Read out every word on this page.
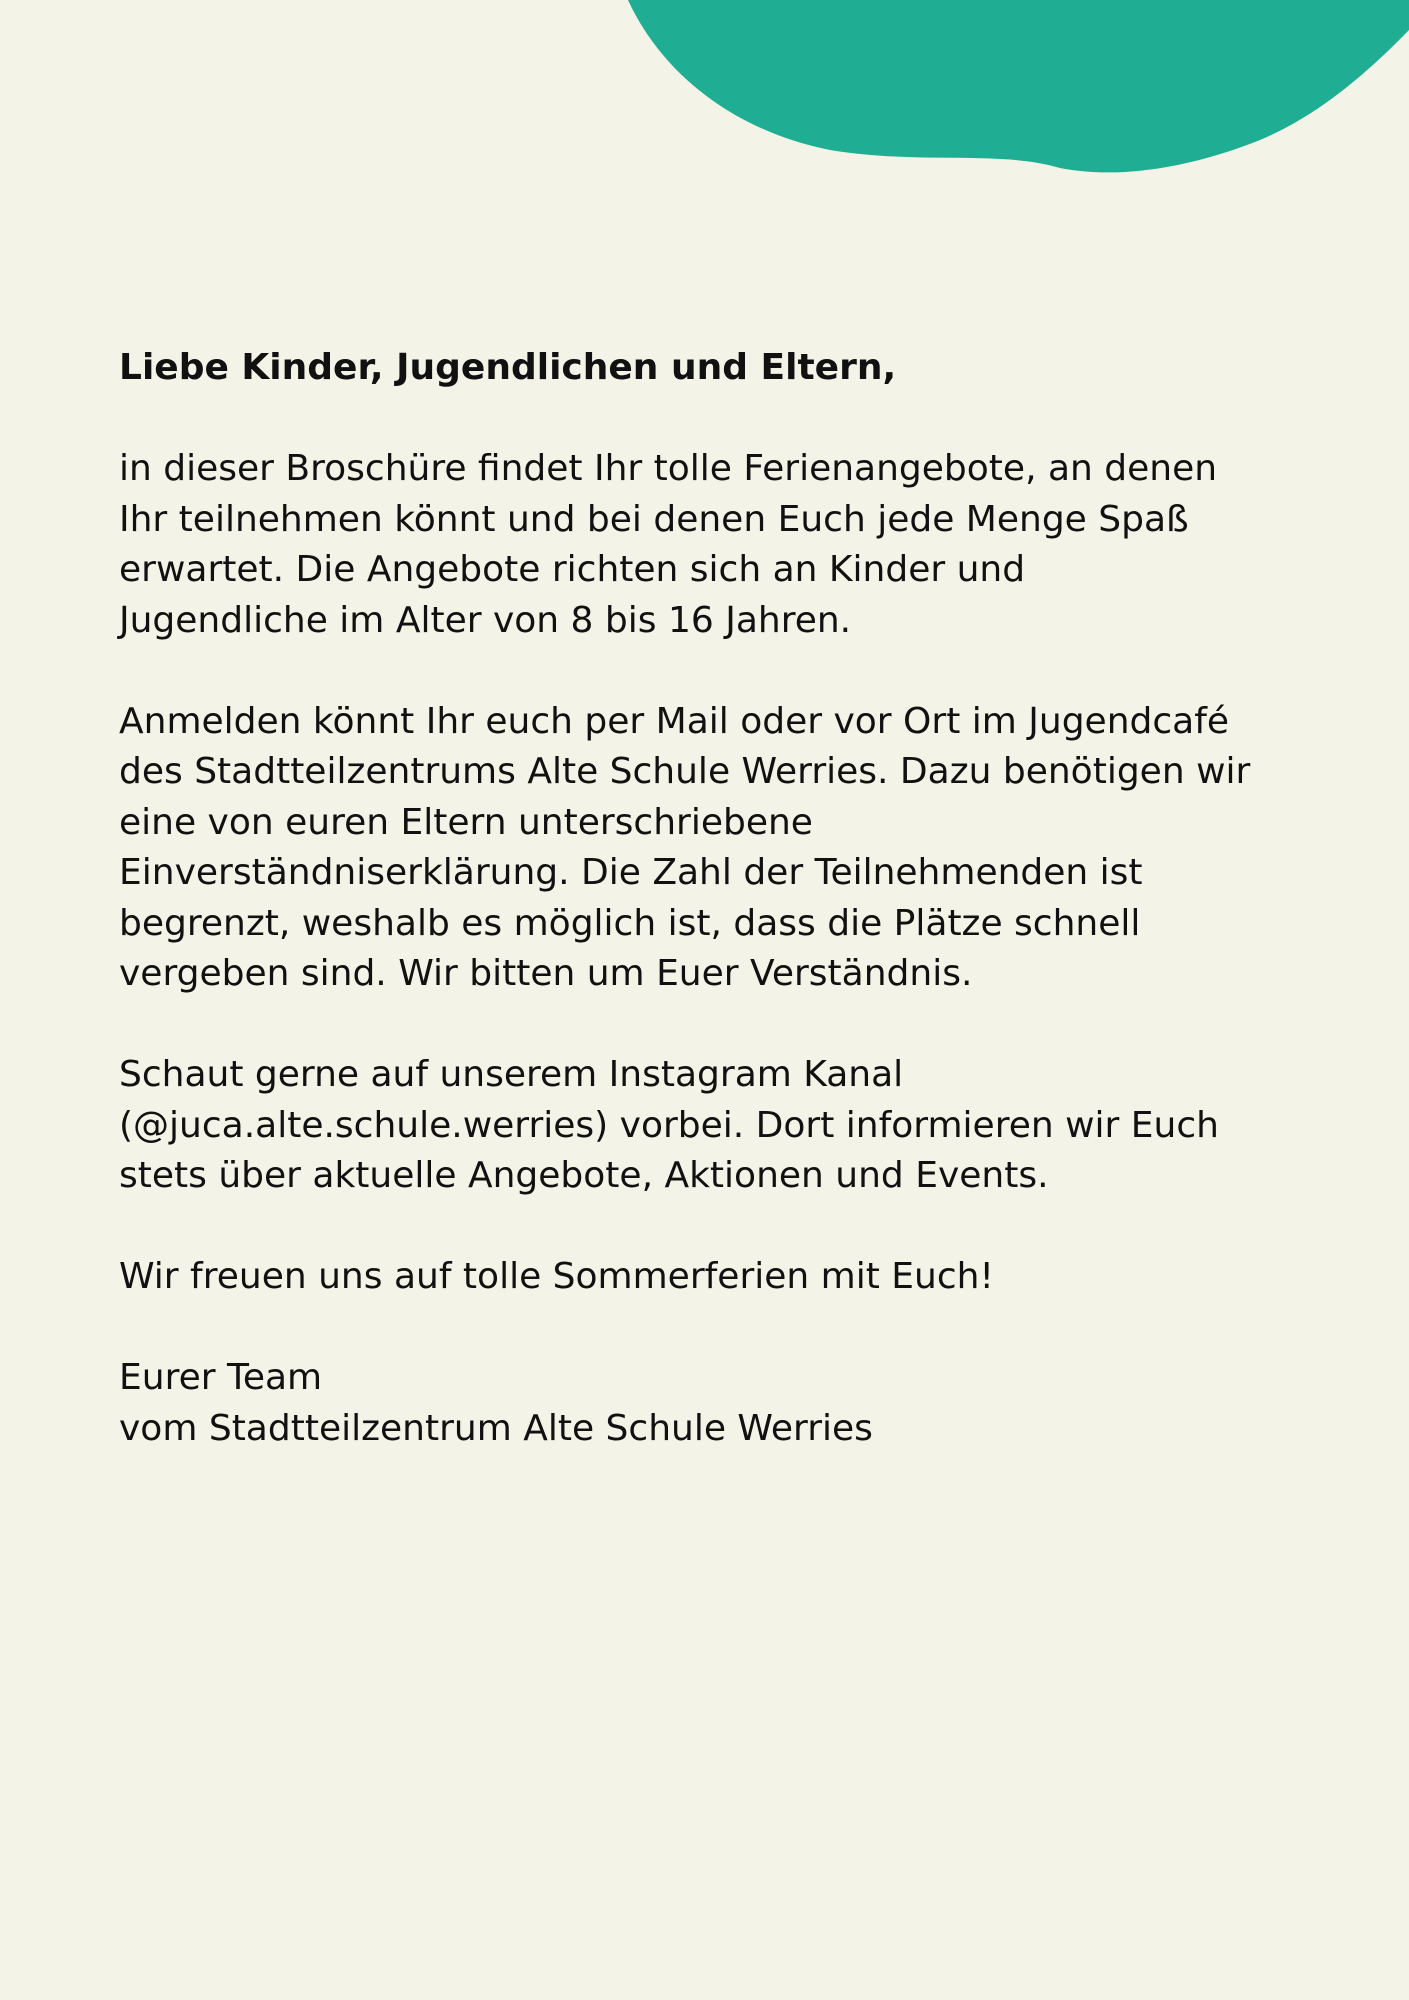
Liebe Kinder, Jugendlichen und Eltern,

in dieser Broschüre findet Ihr tolle Ferienangebote, an denen
Ihr teilnehmen könnt und bei denen Euch jede Menge Spaß
erwartet. Die Angebote richten sich an Kinder und
Jugendliche im Alter von 8 bis 16 Jahren.

Anmelden könnt Ihr euch per Mail oder vor Ort im Jugendcafé
des Stadtteilzentrums Alte Schule Werries. Dazu benötigen wir
eine von euren Eltern unterschriebene
Einverständniserklärung. Die Zahl der Teilnehmenden ist
begrenzt, weshalb es möglich ist, dass die Plätze schnell
vergeben sind. Wir bitten um Euer Verständnis.

Schaut gerne auf unserem Instagram Kanal
(@juca.alte.schule.werries) vorbei. Dort informieren wir Euch
stets über aktuelle Angebote, Aktionen und Events.

Wir freuen uns auf tolle Sommerferien mit Euch!

Eurer Team
vom Stadtteilzentrum Alte Schule Werries
